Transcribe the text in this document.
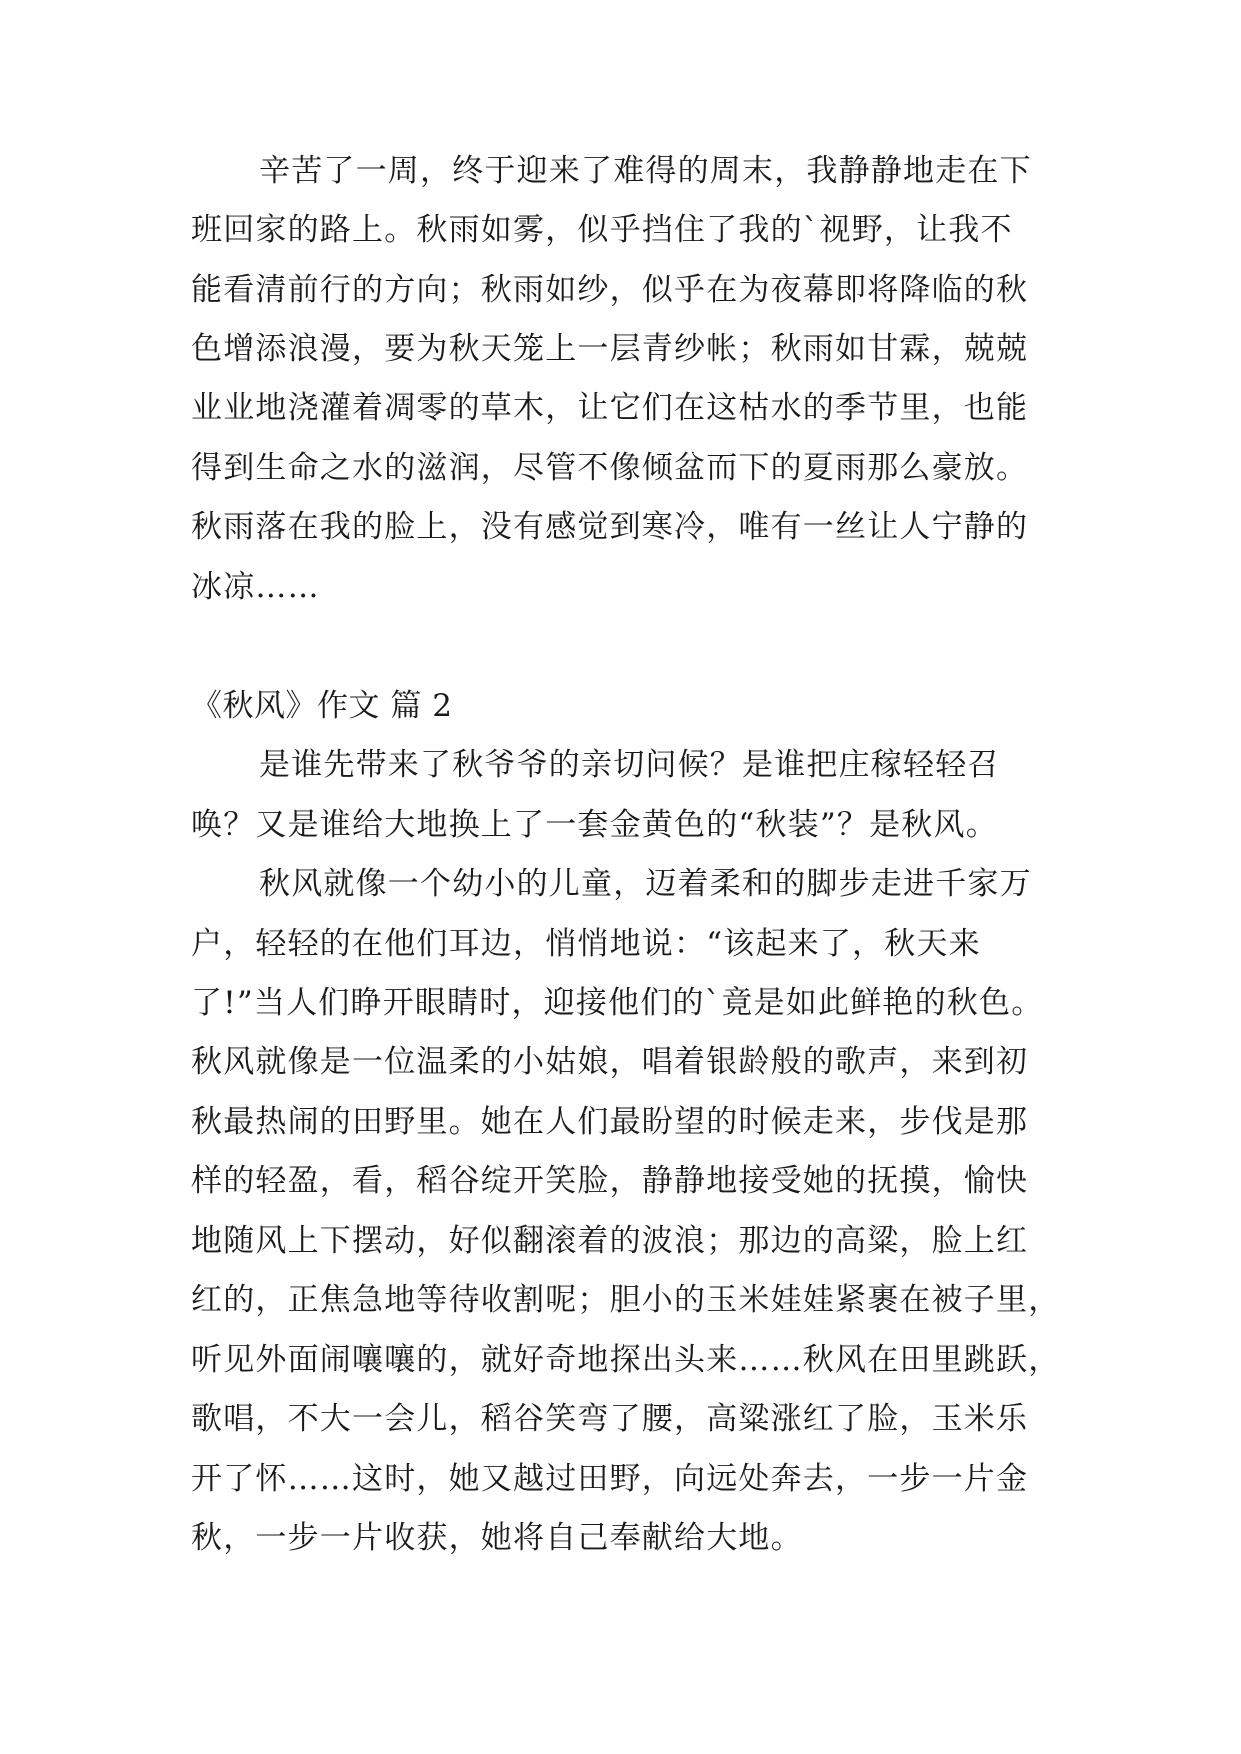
辛苦了一周，终于迎来了难得的周末，我静静地走在下
班回家的路上。秋雨如雾，似乎挡住了我的`视野，让我不
能看清前行的方向；秋雨如纱，似乎在为夜幕即将降临的秋
色增添浪漫，要为秋天笼上一层青纱帐；秋雨如甘霖，兢兢
业业地浇灌着凋零的草木，让它们在这枯水的季节里，也能
得到生命之水的滋润，尽管不像倾盆而下的夏雨那么豪放。
秋雨落在我的脸上，没有感觉到寒冷，唯有一丝让人宁静的
冰凉……
《秋风》作文 篇 2
是谁先带来了秋爷爷的亲切问候？是谁把庄稼轻轻召
唤？又是谁给大地换上了一套金黄色的“秋装”？是秋风。
秋风就像一个幼小的儿童，迈着柔和的脚步走进千家万
户，轻轻的在他们耳边，悄悄地说：“该起来了，秋天来
了!”当人们睁开眼睛时，迎接他们的`竟是如此鲜艳的秋色。
秋风就像是一位温柔的小姑娘，唱着银龄般的歌声，来到初
秋最热闹的田野里。她在人们最盼望的时候走来，步伐是那
样的轻盈，看，稻谷绽开笑脸，静静地接受她的抚摸，愉快
地随风上下摆动，好似翻滚着的波浪；那边的高粱，脸上红
红的，正焦急地等待收割呢；胆小的玉米娃娃紧裹在被子里，
听见外面闹嚷嚷的，就好奇地探出头来……秋风在田里跳跃，
歌唱，不大一会儿，稻谷笑弯了腰，高粱涨红了脸，玉米乐
开了怀……这时，她又越过田野，向远处奔去，一步一片金
秋，一步一片收获，她将自己奉献给大地。
